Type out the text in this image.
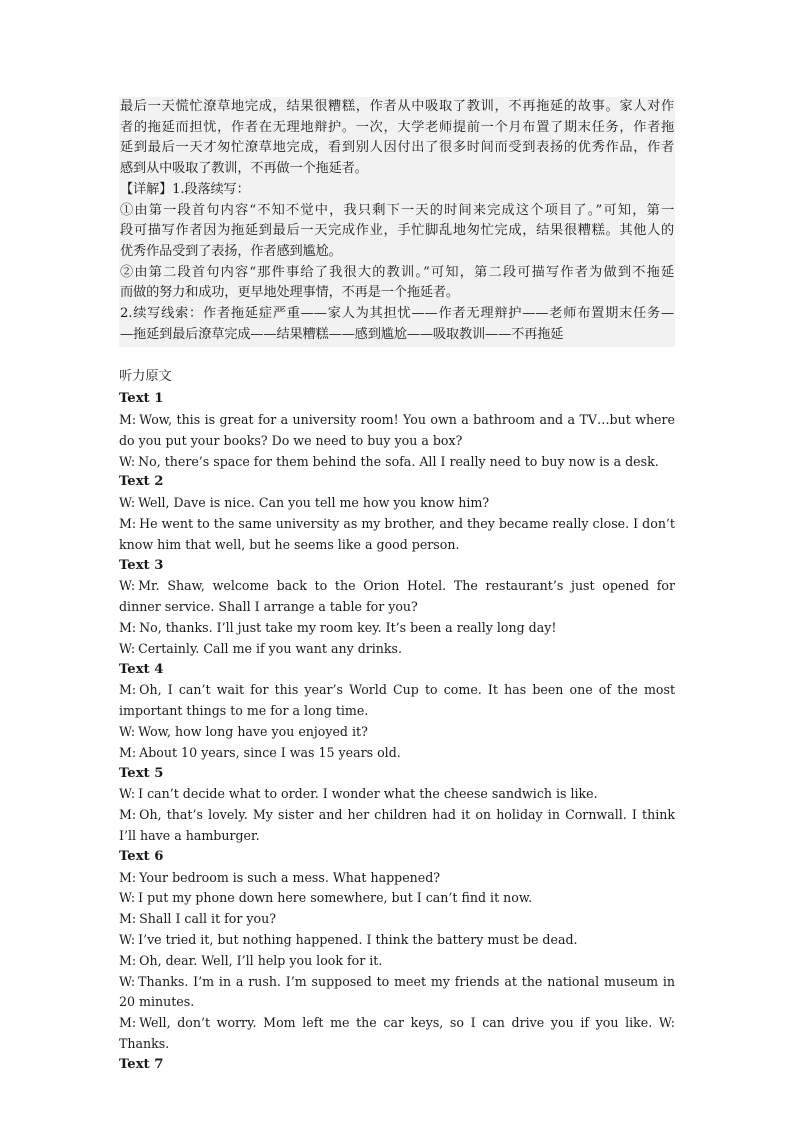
最后一天慌忙潦草地完成，结果很糟糕，作者从中吸取了教训，不再拖延的故事。家人对作
者的拖延而担忧，作者在无理地辩护。一次，大学老师提前一个月布置了期末任务，作者拖
延到最后一天才匆忙潦草地完成，看到别人因付出了很多时间而受到表扬的优秀作品，作者
感到从中吸取了教训，不再做一个拖延者。
【详解】1.段落续写：
①由第一段首句内容“不知不觉中，我只剩下一天的时间来完成这个项目了。”可知，第一
段可描写作者因为拖延到最后一天完成作业，手忙脚乱地匆忙完成，结果很糟糕。其他人的
优秀作品受到了表扬，作者感到尴尬。
②由第二段首句内容“那件事给了我很大的教训。”可知，第二段可描写作者为做到不拖延
而做的努力和成功，更早地处理事情，不再是一个拖延者。
2.续写线索：作者拖延症严重——家人为其担忧——作者无理辩护——老师布置期末任务—
—拖延到最后潦草完成——结果糟糕——感到尴尬——吸取教训——不再拖延
听力原文
Text 1
M: Wow, this is great for a university room! You own a bathroom and a TV…but where do you put your books? Do we need to buy you a box?
W: No, there’s space for them behind the sofa. All I really need to buy now is a desk.
Text 2
W: Well, Dave is nice. Can you tell me how you know him?
M: He went to the same university as my brother, and they became really close. I don’t know him that well, but he seems like a good person.
Text 3
W: Mr. Shaw, welcome back to the Orion Hotel. The restaurant’s just opened for dinner service. Shall I arrange a table for you?
M: No, thanks. I’ll just take my room key. It’s been a really long day!
W: Certainly. Call me if you want any drinks.
Text 4
M: Oh, I can’t wait for this year’s World Cup to come. It has been one of the most important things to me for a long time.
W: Wow, how long have you enjoyed it?
M: About 10 years, since I was 15 years old.
Text 5
W: I can’t decide what to order. I wonder what the cheese sandwich is like.
M: Oh, that’s lovely. My sister and her children had it on holiday in Cornwall. I think I’ll have a hamburger.
Text 6
M: Your bedroom is such a mess. What happened?
W: I put my phone down here somewhere, but I can’t find it now.
M: Shall I call it for you?
W: I’ve tried it, but nothing happened. I think the battery must be dead.
M: Oh, dear. Well, I’ll help you look for it.
W: Thanks. I’m in a rush. I’m supposed to meet my friends at the national museum in 20 minutes.
M: Well, don’t worry. Mom left me the car keys, so I can drive you if you like. W: Thanks.
Text 7
